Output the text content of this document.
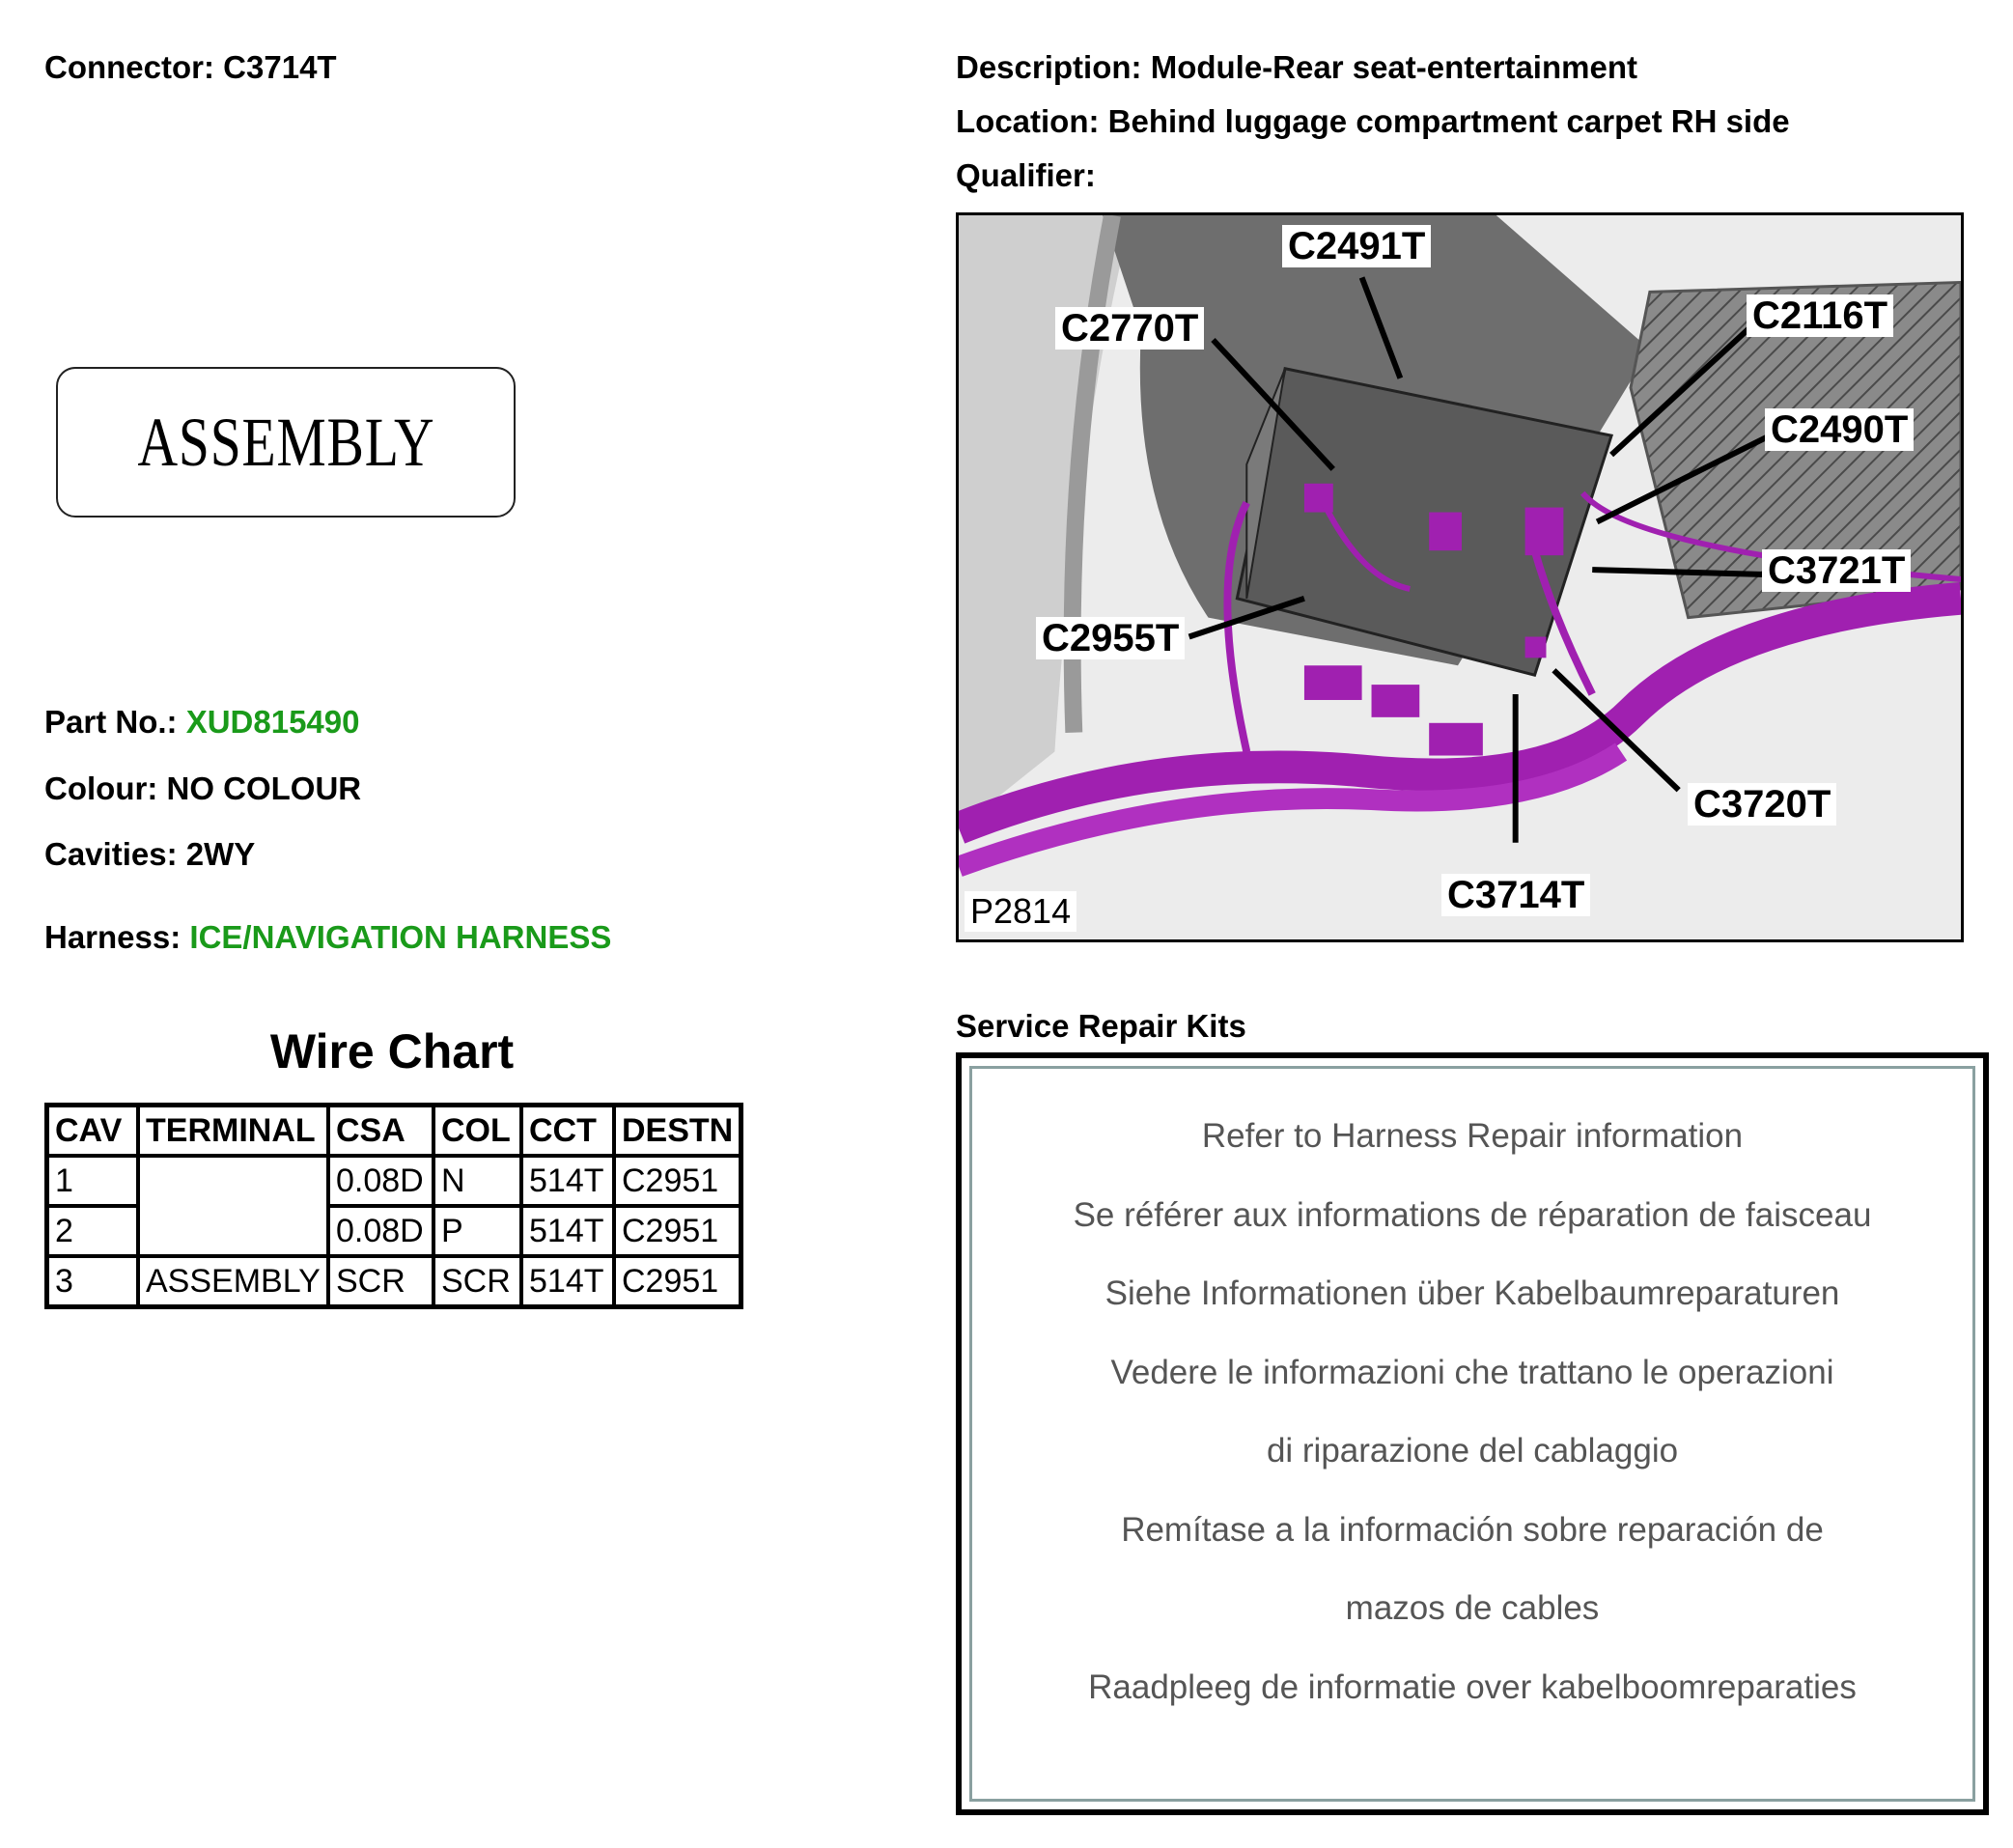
Connector: C3714T	Description: Module-Rear seat-entertainment
Location: Behind luggage compartment carpet RH side
Qualifier:
ASSEMBLY
Part No.: XUD815490
Colour: NO COLOUR
Cavities: 2WY
Harness: ICE/NAVIGATION HARNESS
Wire Chart
CAV	TERMINAL	CSA	COL	CCT	DESTN
1		0.08D	N	514T	C2951
2		0.08D	P	514T	C2951
3	ASSEMBLY	SCR	SCR	514T	C2951
C2491T
C2770T	C2116T
C2490T
C3721T
C2955T
C3720T
C3714T
P2814
Service Repair Kits
Refer to Harness Repair information
Se référer aux informations de réparation de faisceau
Siehe Informationen über Kabelbaumreparaturen
Vedere le informazioni che trattano le operazioni
di riparazione del cablaggio
Remítase a la información sobre reparación de
mazos de cables
Raadpleeg de informatie over kabelboomreparaties
